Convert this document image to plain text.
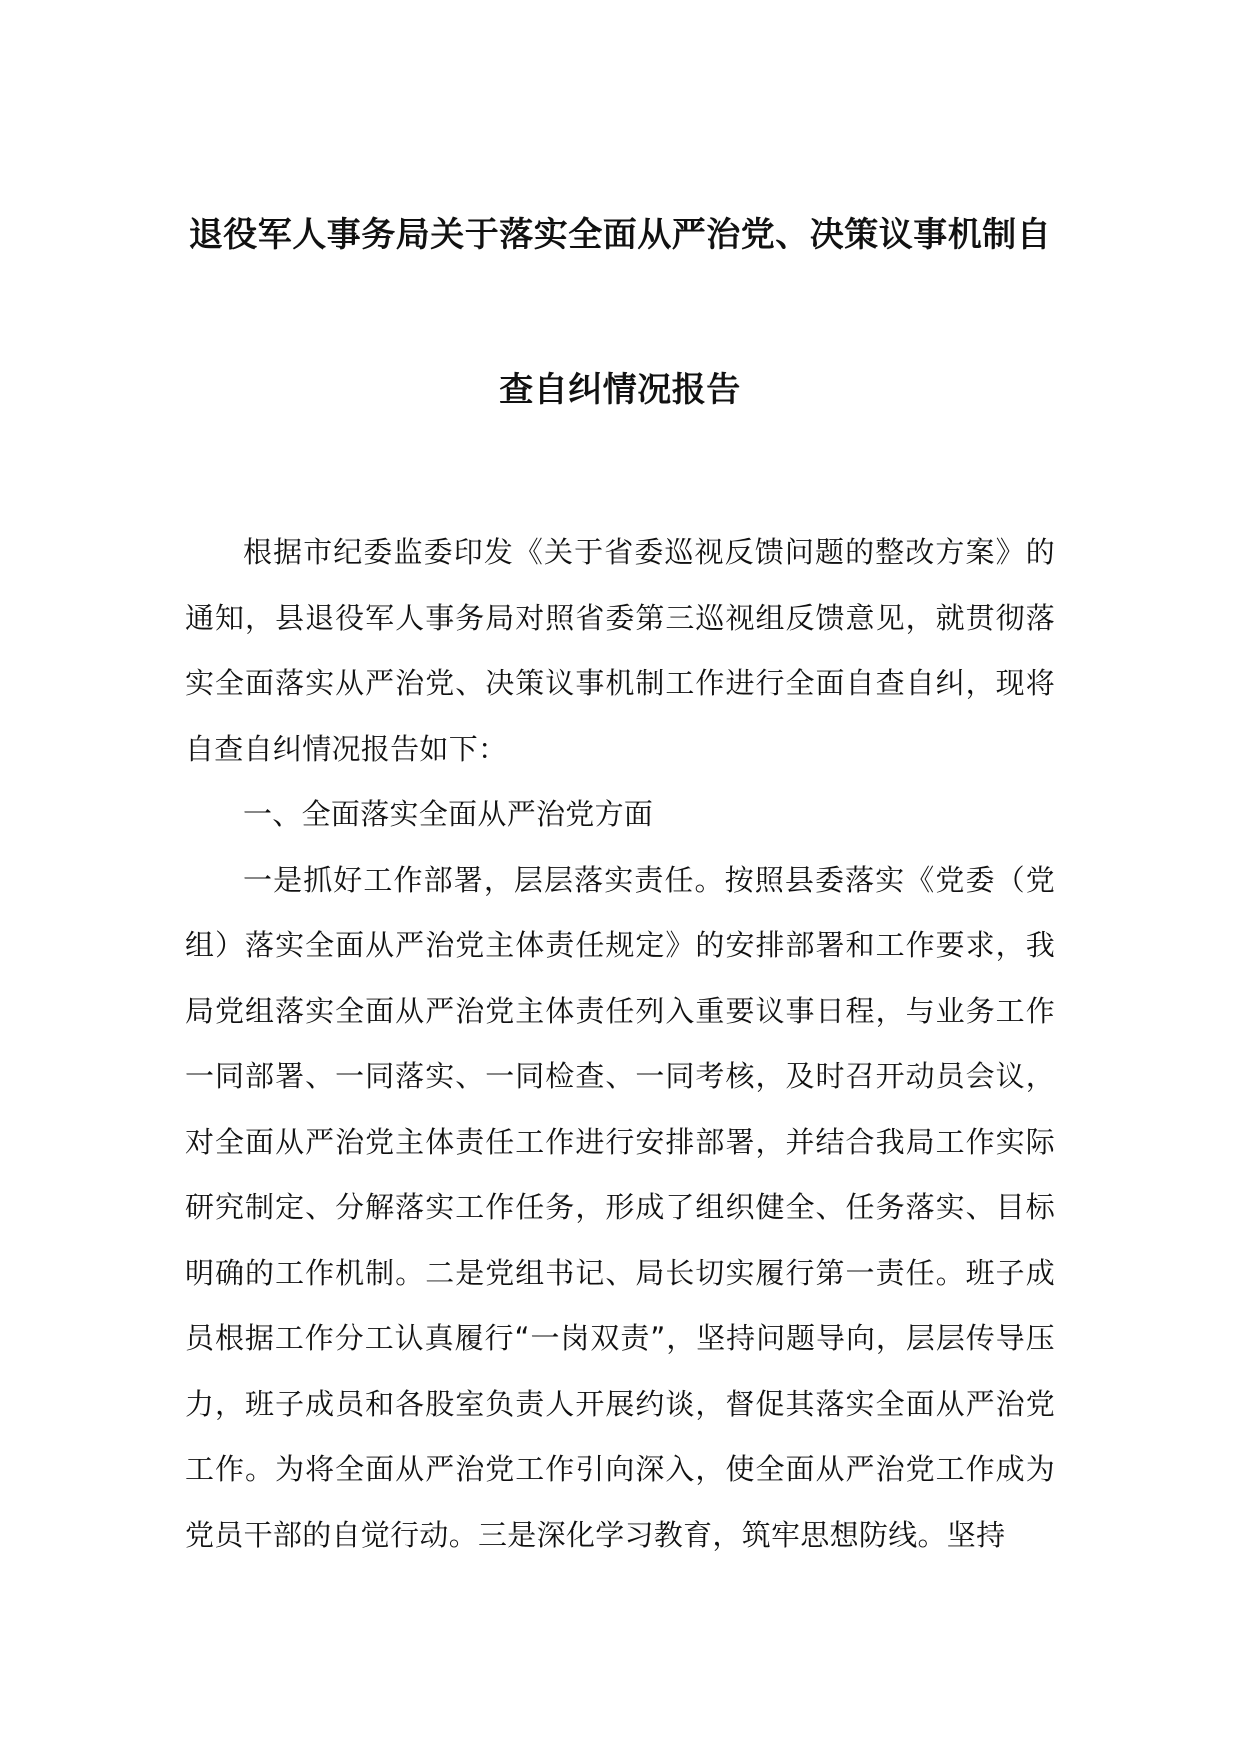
退役军人事务局关于落实全面从严治党、决策议事机制自
查自纠情况报告

根据市纪委监委印发《关于省委巡视反馈问题的整改方案》的通知，县退役军人事务局对照省委第三巡视组反馈意见，就贯彻落实全面落实从严治党、决策议事机制工作进行全面自查自纠，现将自查自纠情况报告如下：

一、全面落实全面从严治党方面

一是抓好工作部署，层层落实责任。按照县委落实《党委（党组）落实全面从严治党主体责任规定》的安排部署和工作要求，我局党组落实全面从严治党主体责任列入重要议事日程，与业务工作一同部署、一同落实、一同检查、一同考核，及时召开动员会议，对全面从严治党主体责任工作进行安排部署，并结合我局工作实际研究制定、分解落实工作任务，形成了组织健全、任务落实、目标明确的工作机制。二是党组书记、局长切实履行第一责任。班子成员根据工作分工认真履行“一岗双责”，坚持问题导向，层层传导压力，班子成员和各股室负责人开展约谈，督促其落实全面从严治党工作。为将全面从严治党工作引向深入，使全面从严治党工作成为党员干部的自觉行动。三是深化学习教育，筑牢思想防线。坚持
